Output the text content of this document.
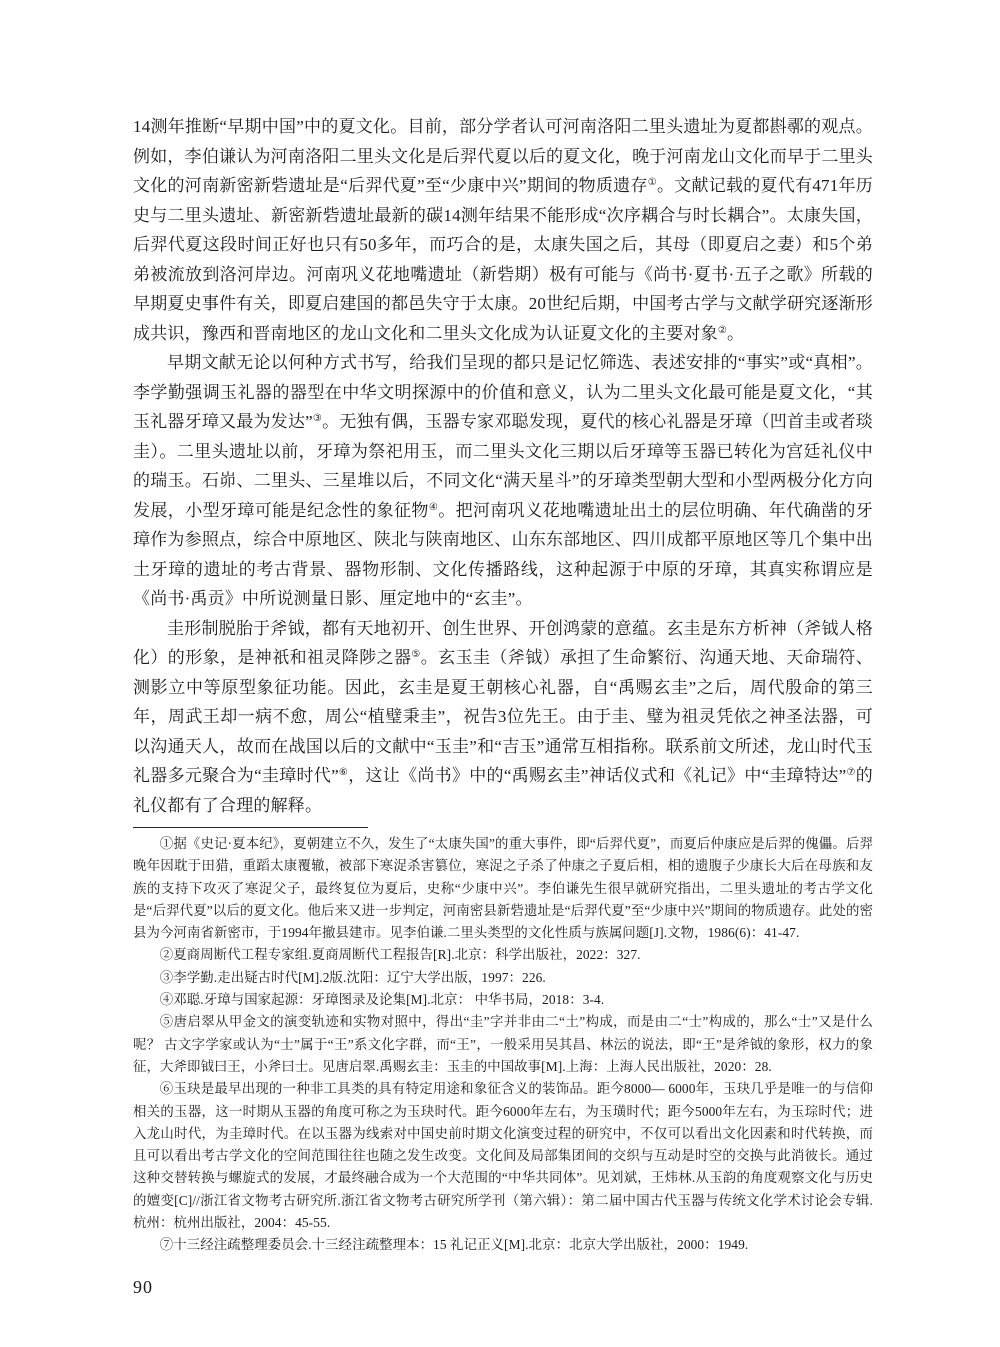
14测年推断“早期中国”中的夏文化。目前，部分学者认可河南洛阳二里头遗址为夏都斟鄩的观点。例如，李伯谦认为河南洛阳二里头文化是后羿代夏以后的夏文化，晚于河南龙山文化而早于二里头文化的河南新密新砦遗址是“后羿代夏”至“少康中兴”期间的物质遗存①。文献记载的夏代有471年历史与二里头遗址、新密新砦遗址最新的碳14测年结果不能形成“次序耦合与时长耦合”。太康失国，后羿代夏这段时间正好也只有50多年，而巧合的是，太康失国之后，其母（即夏启之妻）和5个弟弟被流放到洛河岸边。河南巩义花地嘴遗址（新砦期）极有可能与《尚书·夏书·五子之歌》所载的早期夏史事件有关，即夏启建国的都邑失守于太康。20世纪后期，中国考古学与文献学研究逐渐形成共识，豫西和晋南地区的龙山文化和二里头文化成为认证夏文化的主要对象②。

早期文献无论以何种方式书写，给我们呈现的都只是记忆筛选、表述安排的“事实”或“真相”。李学勤强调玉礼器的器型在中华文明探源中的价值和意义，认为二里头文化最可能是夏文化，“其玉礼器牙璋又最为发达”③。无独有偶，玉器专家邓聪发现，夏代的核心礼器是牙璋（凹首圭或者琰圭）。二里头遗址以前，牙璋为祭祀用玉，而二里头文化三期以后牙璋等玉器已转化为宫廷礼仪中的瑞玉。石峁、二里头、三星堆以后，不同文化“满天星斗”的牙璋类型朝大型和小型两极分化方向发展，小型牙璋可能是纪念性的象征物④。把河南巩义花地嘴遗址出土的层位明确、年代确凿的牙璋作为参照点，综合中原地区、陕北与陕南地区、山东东部地区、四川成都平原地区等几个集中出土牙璋的遗址的考古背景、器物形制、文化传播路线，这种起源于中原的牙璋，其真实称谓应是《尚书·禹贡》中所说测量日影、厘定地中的“玄圭”。

圭形制脱胎于斧钺，都有天地初开、创生世界、开创鸿蒙的意蕴。玄圭是东方析神（斧钺人格化）的形象，是神祇和祖灵降陟之器⑤。玄玉圭（斧钺）承担了生命繁衍、沟通天地、天命瑞符、测影立中等原型象征功能。因此，玄圭是夏王朝核心礼器，自“禹赐玄圭”之后，周代殷命的第三年，周武王却一病不愈，周公“植璧秉圭”，祝告3位先王。由于圭、璧为祖灵凭依之神圣法器，可以沟通天人，故而在战国以后的文献中“玉圭”和“吉玉”通常互相指称。联系前文所述，龙山时代玉礼器多元聚合为“圭璋时代”⑥，这让《尚书》中的“禹赐玄圭”神话仪式和《礼记》中“圭璋特达”⑦的礼仪都有了合理的解释。

①据《史记·夏本纪》，夏朝建立不久，发生了“太康失国”的重大事件，即“后羿代夏”，而夏后仲康应是后羿的傀儡。后羿晚年因耽于田猎，重蹈太康覆辙，被部下寒浞杀害篡位，寒浞之子杀了仲康之子夏后相，相的遗腹子少康长大后在母族和友族的支持下攻灭了寒浞父子，最终复位为夏后，史称“少康中兴”。李伯谦先生很早就研究指出，二里头遗址的考古学文化是“后羿代夏”以后的夏文化。他后来又进一步判定，河南密县新砦遗址是“后羿代夏”至“少康中兴”期间的物质遗存。此处的密县为今河南省新密市，于1994年撤县建市。见李伯谦.二里头类型的文化性质与族属问题[J].文物，1986(6)：41-47.

②夏商周断代工程专家组.夏商周断代工程报告[R].北京：科学出版社，2022：327.

③李学勤.走出疑古时代[M].2版.沈阳：辽宁大学出版，1997：226.

④邓聪.牙璋与国家起源：牙璋图录及论集[M].北京： 中华书局，2018：3-4.

⑤唐启翠从甲金文的演变轨迹和实物对照中，得出“圭”字并非由二“土”构成，而是由二“士”构成的，那么“士”又是什么呢？ 古文字学家或认为“士”属于“王”系文化字群，而“王”，一般采用吴其昌、林沄的说法，即“王”是斧钺的象形，权力的象征，大斧即钺曰王，小斧曰士。见唐启翠.禹赐玄圭：玉圭的中国故事[M].上海：上海人民出版社，2020：28.

⑥玉玦是最早出现的一种非工具类的具有特定用途和象征含义的装饰品。距今8000— 6000年，玉玦几乎是唯一的与信仰相关的玉器，这一时期从玉器的角度可称之为玉玦时代。距今6000年左右，为玉璜时代；距今5000年左右，为玉琮时代；进入龙山时代，为圭璋时代。在以玉器为线索对中国史前时期文化演变过程的研究中，不仅可以看出文化因素和时代转换，而且可以看出考古学文化的空间范围往往也随之发生改变。文化间及局部集团间的交织与互动是时空的交换与此消彼长。通过这种交替转换与螺旋式的发展，才最终融合成为一个大范围的“中华共同体”。见刘斌，王炜林.从玉韵的角度观察文化与历史的嬗变[C]//浙江省文物考古研究所.浙江省文物考古研究所学刊（第六辑）：第二届中国古代玉器与传统文化学术讨论会专辑.杭州：杭州出版社，2004：45-55.

⑦十三经注疏整理委员会.十三经注疏整理本：15 礼记正义[M].北京：北京大学出版社，2000：1949.

90
